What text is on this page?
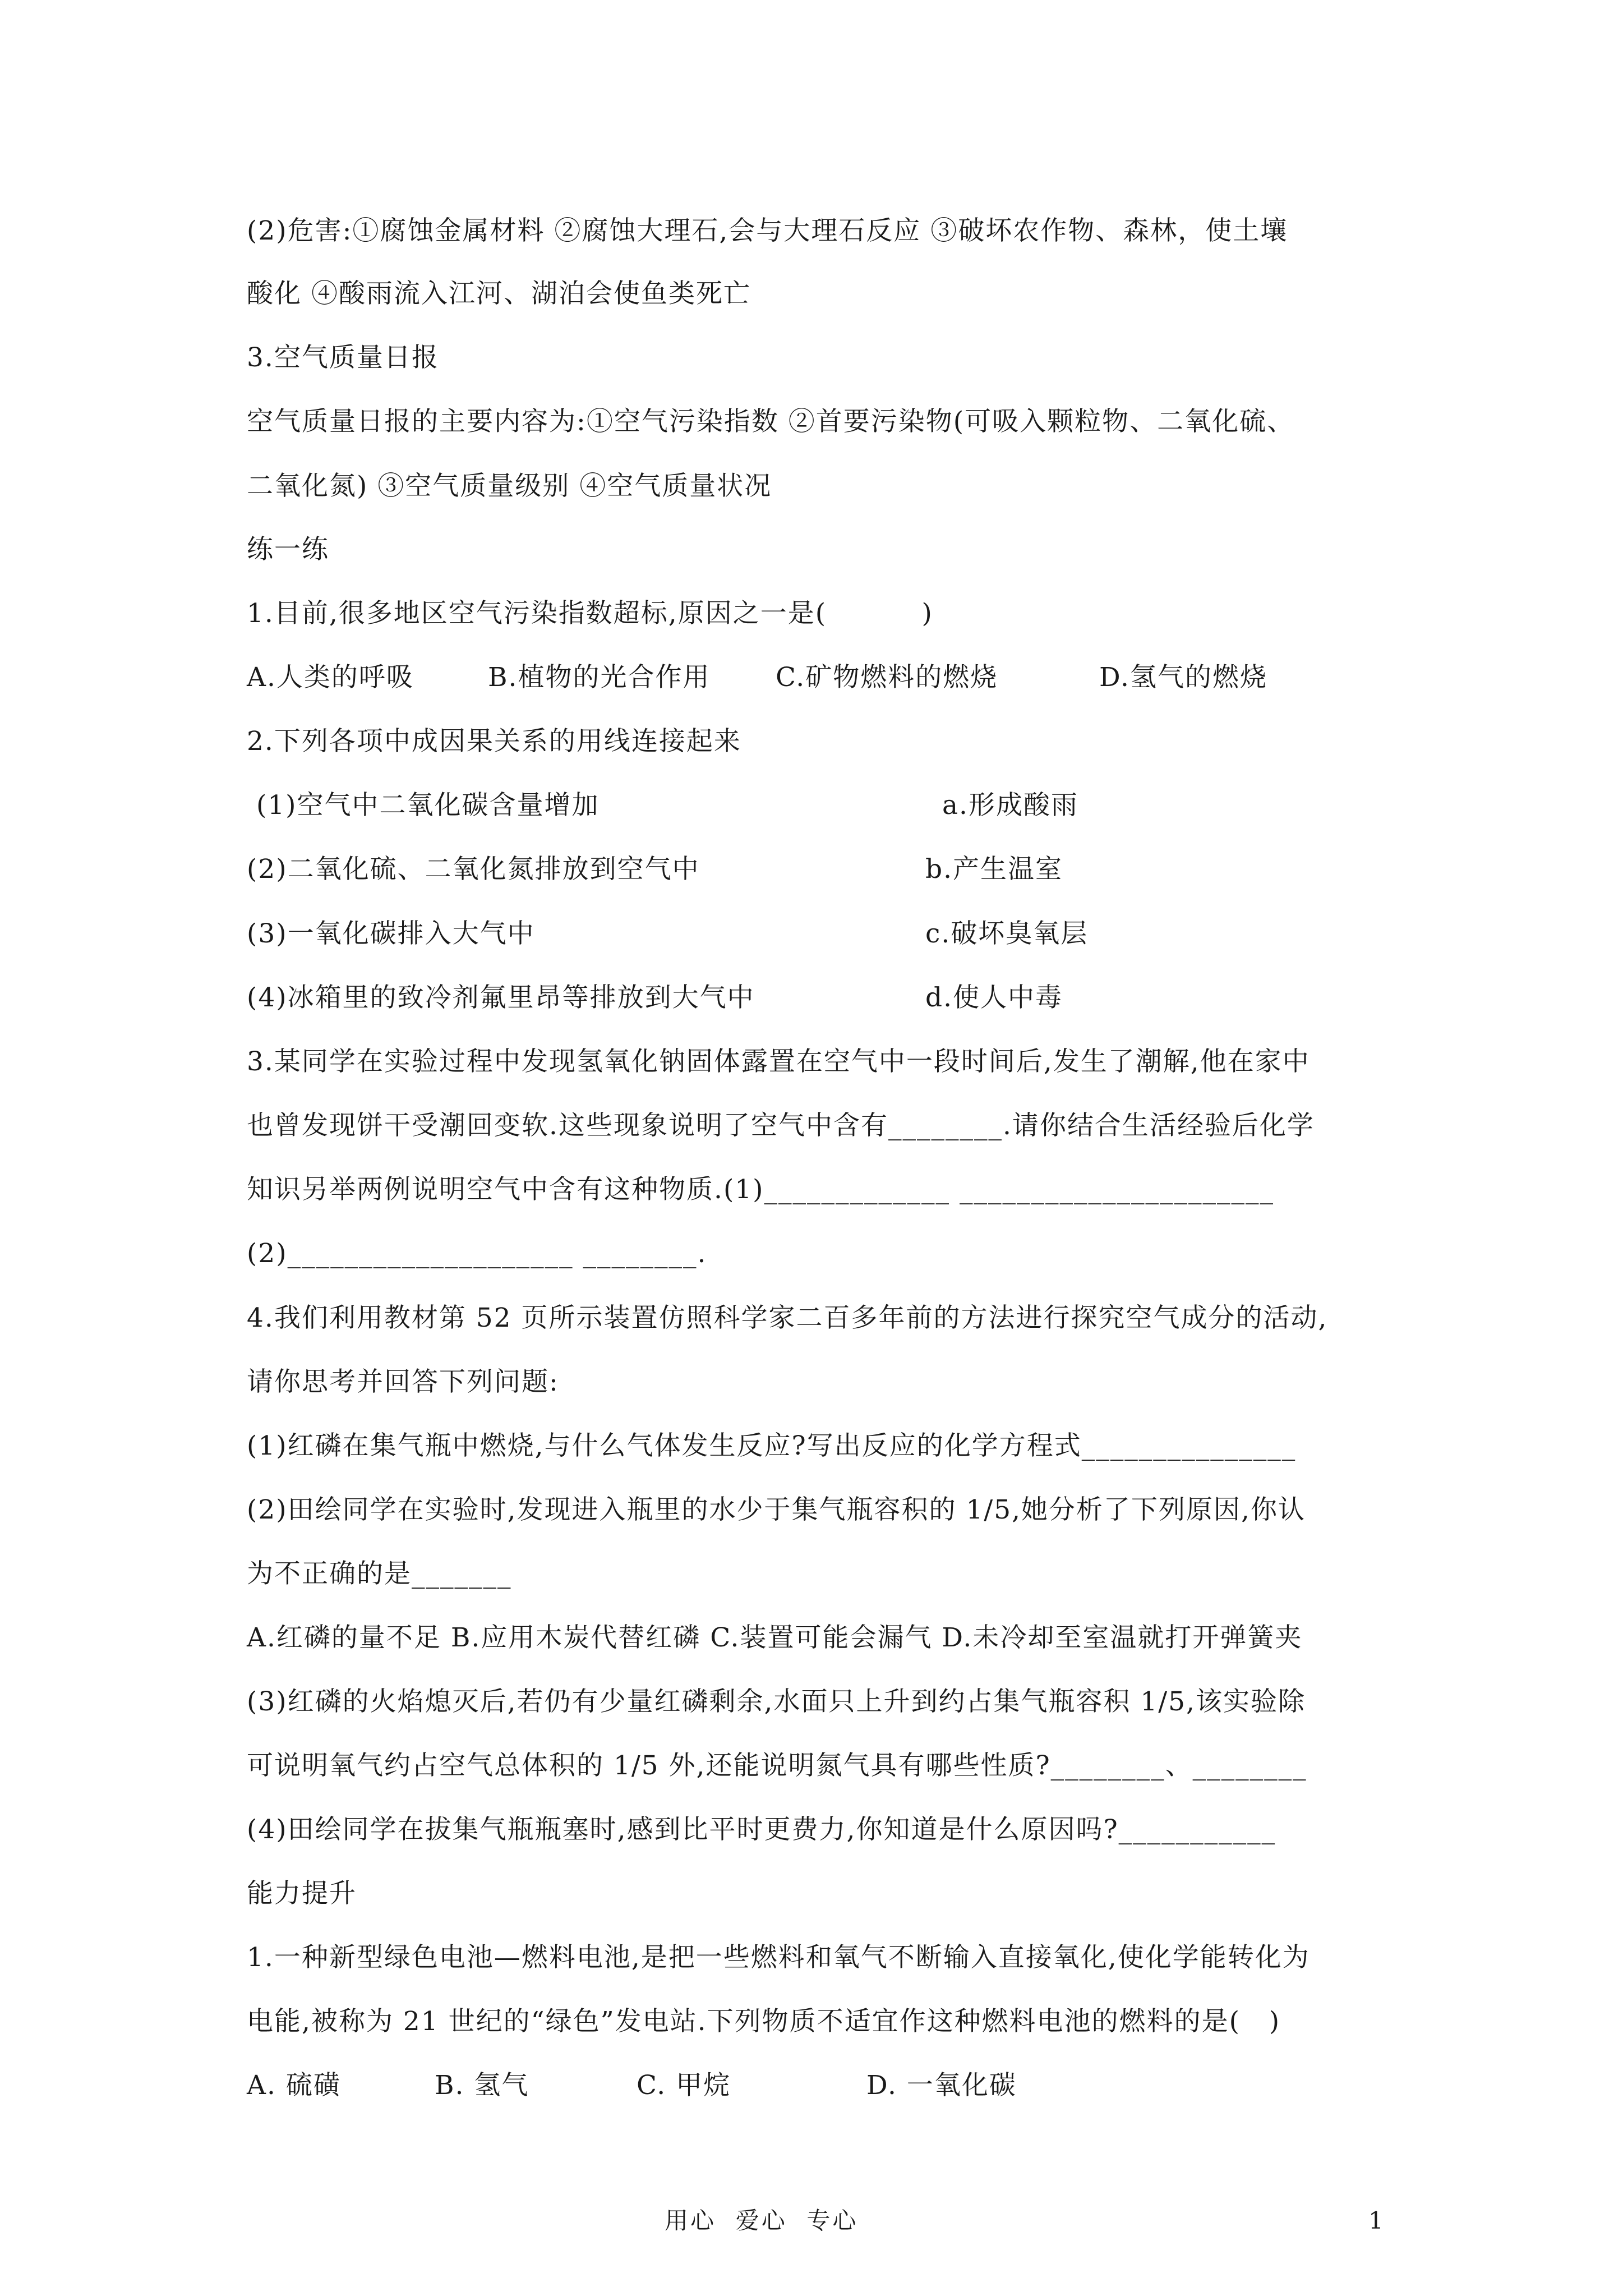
(2)危害:①腐蚀金属材料 ②腐蚀大理石,会与大理石反应 ③破坏农作物、森林，使土壤
酸化 ④酸雨流入江河、湖泊会使鱼类死亡
3.空气质量日报
空气质量日报的主要内容为:①空气污染指数 ②首要污染物(可吸入颗粒物、二氧化硫、
二氧化氮) ③空气质量级别 ④空气质量状况
练一练
1.目前,很多地区空气污染指数超标,原因之一是(          )
A.人类的呼吸	B.植物的光合作用 C.矿物燃料的燃烧	D.氢气的燃烧
2.下列各项中成因果关系的用线连接起来
(1)空气中二氧化碳含量增加	a.形成酸雨
(2)二氧化硫、二氧化氮排放到空气中	b.产生温室
(3)一氧化碳排入大气中	c.破坏臭氧层
(4)冰箱里的致冷剂氟里昂等排放到大气中	d.使人中毒
3.某同学在实验过程中发现氢氧化钠固体露置在空气中一段时间后,发生了潮解,他在家中
也曾发现饼干受潮回变软.这些现象说明了空气中含有________.请你结合生活经验后化学
知识另举两例说明空气中含有这种物质.(1)_____________ ______________________
(2)____________________ ________.
4.我们利用教材第 52 页所示装置仿照科学家二百多年前的方法进行探究空气成分的活动,
请你思考并回答下列问题:
(1)红磷在集气瓶中燃烧,与什么气体发生反应?写出反应的化学方程式_______________
(2)田绘同学在实验时,发现进入瓶里的水少于集气瓶容积的 1/5,她分析了下列原因,你认
为不正确的是_______
A.红磷的量不足 B.应用木炭代替红磷 C.装置可能会漏气 D.未冷却至室温就打开弹簧夹
(3)红磷的火焰熄灭后,若仍有少量红磷剩余,水面只上升到约占集气瓶容积 1/5,该实验除
可说明氧气约占空气总体积的 1/5 外,还能说明氮气具有哪些性质?________、________
(4)田绘同学在拔集气瓶瓶塞时,感到比平时更费力,你知道是什么原因吗?___________
能力提升
1.一种新型绿色电池—燃料电池,是把一些燃料和氧气不断输入直接氧化,使化学能转化为
电能,被称为 21 世纪的“绿色”发电站.下列物质不适宜作这种燃料电池的燃料的是(   )
A. 硫磺	B. 氢气	C. 甲烷	D. 一氧化碳
用心  爱心  专心	1
